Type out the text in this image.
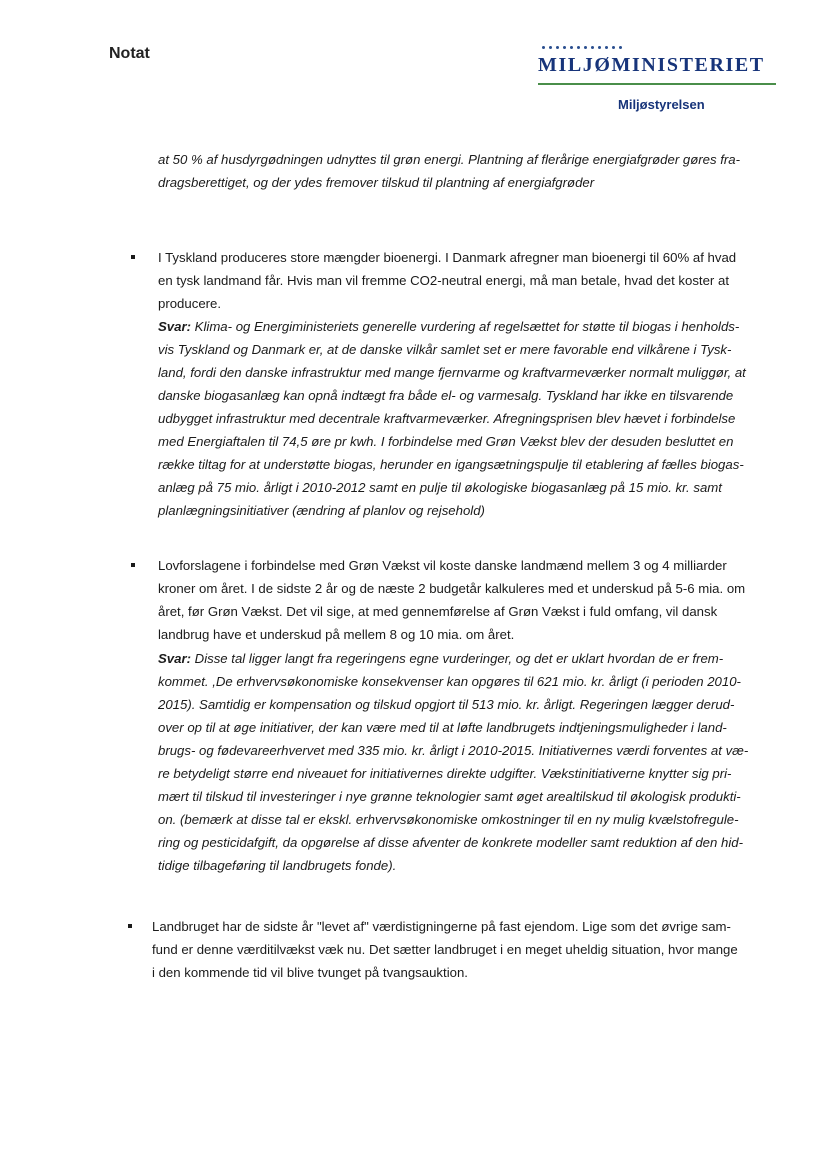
Notat
MILJØMINISTERIET
Miljøstyrelsen

at 50 % af husdyrgødningen udnyttes til grøn energi. Plantning af flerårige energiafgrøder gøres fra-
dragsberettiget, og der ydes fremover tilskud til plantning af energiafgrøder

I Tyskland produceres store mængder bioenergi. I Danmark afregner man bioenergi til 60% af hvad
en tysk landmand får. Hvis man vil fremme CO2-neutral energi, må man betale, hvad det koster at
producere.

Svar: Klima- og Energiministeriets generelle vurdering af regelsættet for støtte til biogas i henholds-
vis Tyskland og Danmark er, at de danske vilkår samlet set er mere favorable end vilkårene i Tysk-
land, fordi den danske infrastruktur med mange fjernvarme og kraftvarmeværker normalt muliggør, at
danske biogasanlæg kan opnå indtægt fra både el- og varmesalg. Tyskland har ikke en tilsvarende
udbygget infrastruktur med decentrale kraftvarmeværker. Afregningsprisen blev hævet i forbindelse
med Energiaftalen til 74,5 øre pr kwh. I forbindelse med Grøn Vækst blev der desuden besluttet en
række tiltag for at understøtte biogas, herunder en igangsætningspulje til etablering af fælles biogas-
anlæg på 75 mio. årligt i 2010-2012 samt en pulje til økologiske biogasanlæg på 15 mio. kr. samt
planlægningsinitiativer (ændring af planlov og rejsehold)

Lovforslagene i forbindelse med Grøn Vækst vil koste danske landmænd mellem 3 og 4 milliarder
kroner om året. I de sidste 2 år og de næste 2 budgetår kalkuleres med et underskud på 5-6 mia. om
året, før Grøn Vækst. Det vil sige, at med gennemførelse af Grøn Vækst i fuld omfang, vil dansk
landbrug have et underskud på mellem 8 og 10 mia. om året.

Svar: Disse tal ligger langt fra regeringens egne vurderinger, og det er uklart hvordan de er frem-
kommet. ,De erhvervsøkonomiske konsekvenser kan opgøres til 621 mio. kr. årligt (i perioden 2010-
2015). Samtidig er kompensation og tilskud opgjort til 513 mio. kr. årligt. Regeringen lægger derud-
over op til at øge initiativer, der kan være med til at løfte landbrugets indtjeningsmuligheder i land-
brugs- og fødevareerhvervet med 335 mio. kr. årligt i 2010-2015. Initiativernes værdi forventes at væ-
re betydeligt større end niveauet for initiativernes direkte udgifter. Vækstinitiativerne knytter sig pri-
mært til tilskud til investeringer i nye grønne teknologier samt øget arealtilskud til økologisk produkti-
on. (bemærk at disse tal er ekskl. erhvervsøkonomiske omkostninger til en ny mulig kvælstofregule-
ring og pesticidafgift, da opgørelse af disse afventer de konkrete modeller samt reduktion af den hid-
tidige tilbageføring til landbrugets fonde).

Landbruget har de sidste år "levet af" værdistigningerne på fast ejendom. Lige som det øvrige sam-
fund er denne værditilvækst væk nu. Det sætter landbruget i en meget uheldig situation, hvor mange
i den kommende tid vil blive tvunget på tvangsauktion.
